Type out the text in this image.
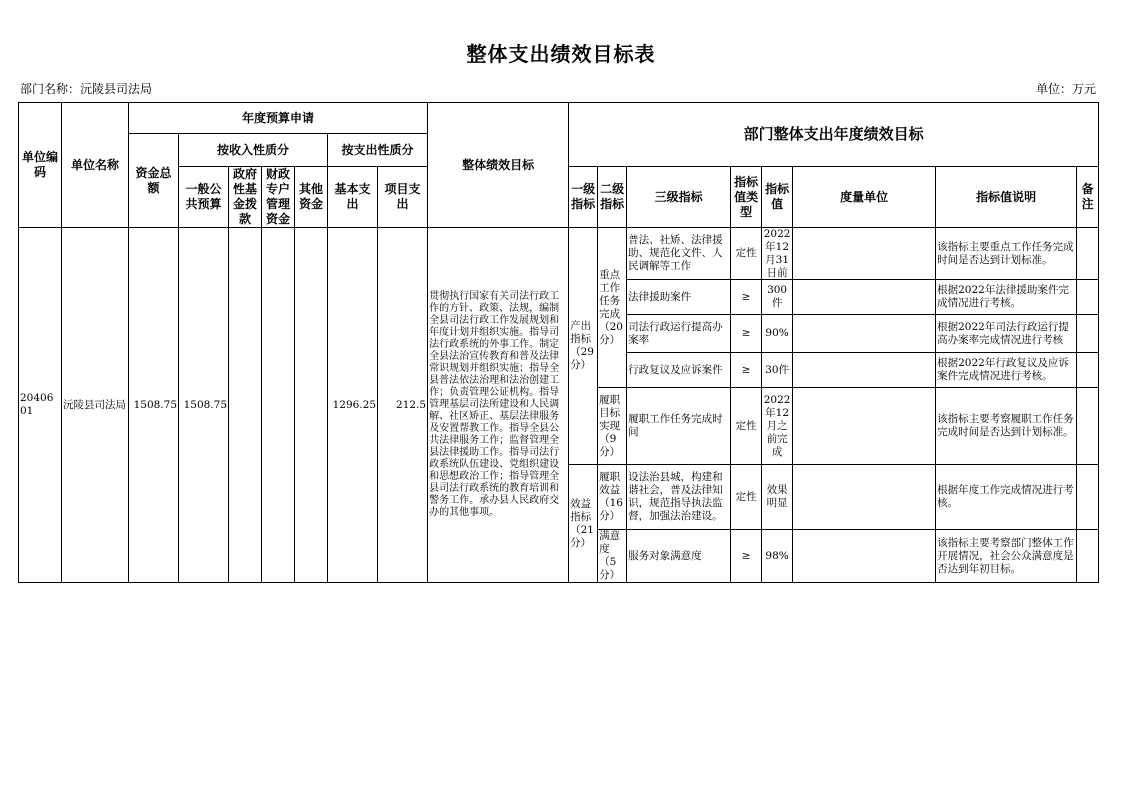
整体支出绩效目标表
部门名称：沅陵县司法局	单位：万元
单位编码	单位名称	年度预算申请							整体绩效目标	部门整体支出年度绩效目标							
		资金总额	按收入性质分				按支出性质分										
			一般公共预算	政府性基金拨款	财政专户管理资金	其他资金	基本支出	项目支出		一级指标	二级指标	三级指标	指标值类型	指标值	度量单位	指标值说明	备注
2040601	沅陵县司法局	1508.75	1508.75				1296.25	212.5	贯彻执行国家有关司法行政工作的方针、政策、法规，编制全县司法行政工作发展规划和年度计划并组织实施。指导司法行政系统的外事工作。制定全县法治宣传教育和普及法律常识规划并组织实施；指导全县普法依法治理和法治创建工作；负责管理公证机构。指导管理基层司法所建设和人民调解、社区矫正、基层法律服务及安置帮教工作。指导全县公共法律服务工作；监督管理全县法律援助工作。指导司法行政系统队伍建设、党组织建设和思想政治工作；指导管理全县司法行政系统的教育培训和警务工作。承办县人民政府交办的其他事项。	产出指标（29分）	重点工作任务完成（20分）	普法、社矫、法律援助、规范化文件、人民调解等工作	定性	2022年12月31日前		该指标主要重点工作任务完成时间是否达到计划标准。	
												法律援助案件	≥	300件		根据2022年法律援助案件完成情况进行考核。	
												司法行政运行提高办案率	≥	90%		根据2022年司法行政运行提高办案率完成情况进行考核	
												行政复议及应诉案件	≥	30件		根据2022年行政复议及应诉案件完成情况进行考核。	
											履职目标实现（9分）	履职工作任务完成时间	定性	2022年12月之前完成		该指标主要考察履职工作任务完成时间是否达到计划标准。	
										效益指标（21分）	履职效益（16分）	设法治县城，构建和谐社会，普及法律知识，规范指导执法监督，加强法治建设。	定性	效果明显		根据年度工作完成情况进行考核。	
											满意度（5分）	服务对象满意度	≥	98%		该指标主要考察部门整体工作开展情况，社会公众满意度是否达到年初目标。	
